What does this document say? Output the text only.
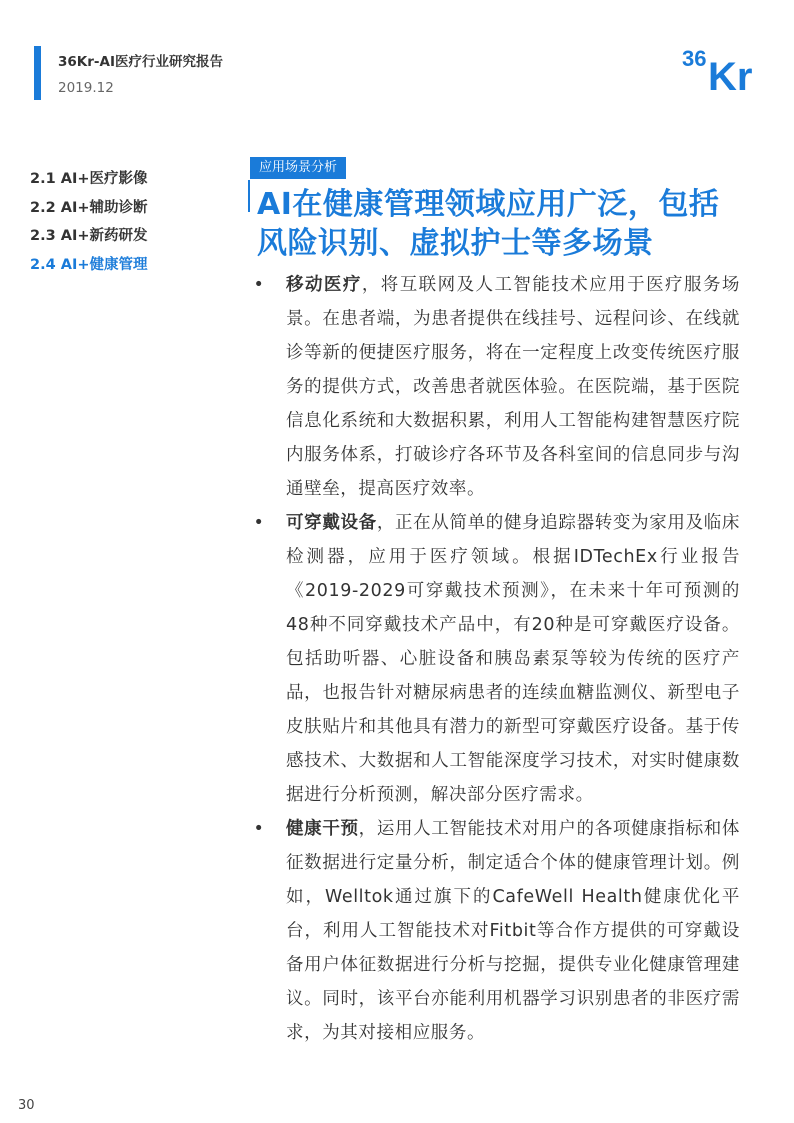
36Kr-AI医疗行业研究报告
2019.12
36 Kr
2.1 AI+医疗影像
2.2 AI+辅助诊断
2.3 AI+新药研发
2.4 AI+健康管理
应用场景分析
AI在健康管理领域应用广泛，包括风险识别、虚拟护士等多场景
• 移动医疗，将互联网及人工智能技术应用于医疗服务场景。在患者端，为患者提供在线挂号、远程问诊、在线就诊等新的便捷医疗服务，将在一定程度上改变传统医疗服务的提供方式，改善患者就医体验。在医院端，基于医院信息化系统和大数据积累，利用人工智能构建智慧医疗院内服务体系，打破诊疗各环节及各科室间的信息同步与沟通壁垒，提高医疗效率。
• 可穿戴设备，正在从简单的健身追踪器转变为家用及临床检测器，应用于医疗领域。根据IDTechEx行业报告《2019-2029可穿戴技术预测》，在未来十年可预测的48种不同穿戴技术产品中，有20种是可穿戴医疗设备。包括助听器、心脏设备和胰岛素泵等较为传统的医疗产品，也报告针对糖尿病患者的连续血糖监测仪、新型电子皮肤贴片和其他具有潜力的新型可穿戴医疗设备。基于传感技术、大数据和人工智能深度学习技术，对实时健康数据进行分析预测，解决部分医疗需求。
• 健康干预，运用人工智能技术对用户的各项健康指标和体征数据进行定量分析，制定适合个体的健康管理计划。例如，Welltok通过旗下的CafeWell Health健康优化平台，利用人工智能技术对Fitbit等合作方提供的可穿戴设备用户体征数据进行分析与挖掘，提供专业化健康管理建议。同时，该平台亦能利用机器学习识别患者的非医疗需求，为其对接相应服务。
30
